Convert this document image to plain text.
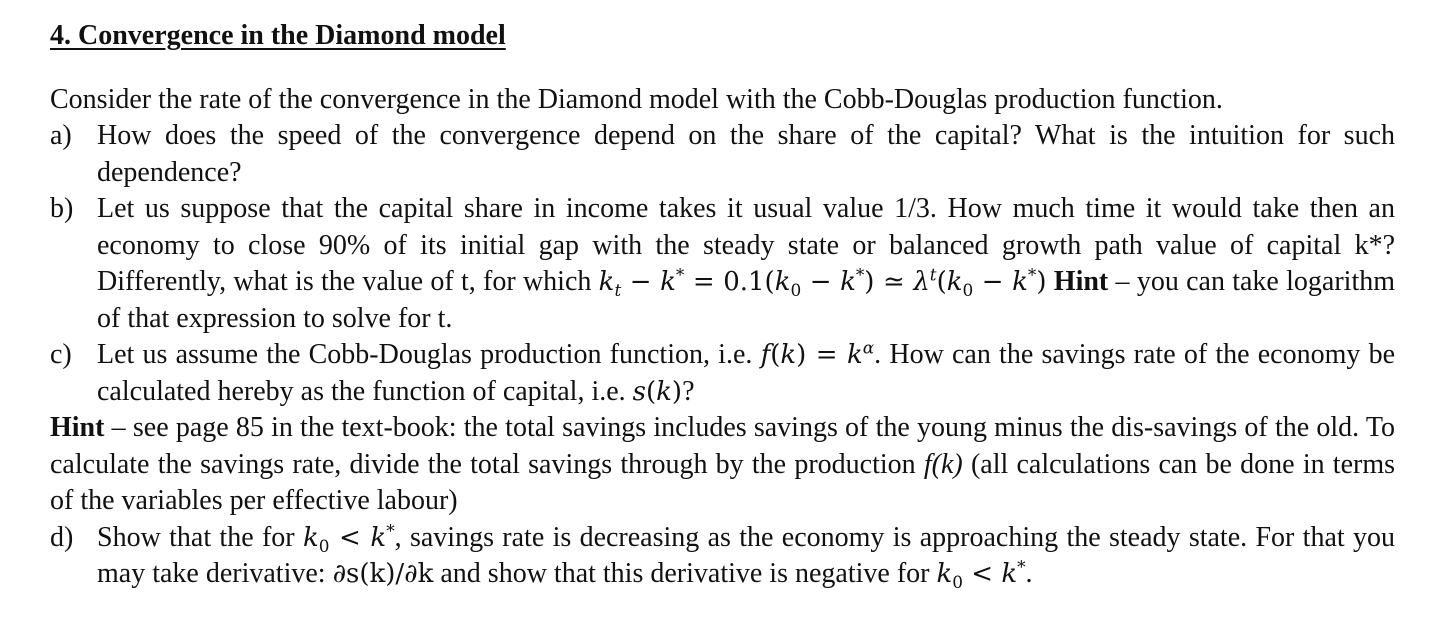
4. Convergence in the Diamond model

Consider the rate of the convergence in the Diamond model with the Cobb-Douglas production function.

a) How does the speed of the convergence depend on the share of the capital? What is the intuition for such dependence?

b) Let us suppose that the capital share in income takes it usual value 1/3. How much time it would take then an economy to close 90% of its initial gap with the steady state or balanced growth path value of capital k*? Differently, what is the value of t, for which $k_t - k^* = 0.1(k_0 - k^*)$ ≃ $\lambda^t(k_0 - k^*)$ Hint – you can take logarithm of that expression to solve for t.

c) Let us assume the Cobb-Douglas production function, i.e. $f(k) = k^\alpha$. How can the savings rate of the economy be calculated hereby as the function of capital, i.e. s(k)?

Hint – see page 85 in the text-book: the total savings includes savings of the young minus the dis-savings of the old. To calculate the savings rate, divide the total savings through by the production f(k) (all calculations can be done in terms of the variables per effective labour)

d) Show that the for $k_0 < k^*$, savings rate is decreasing as the economy is approaching the steady state. For that you may take derivative: ∂s(k)/∂k and show that this derivative is negative for $k_0 < k^*$.
